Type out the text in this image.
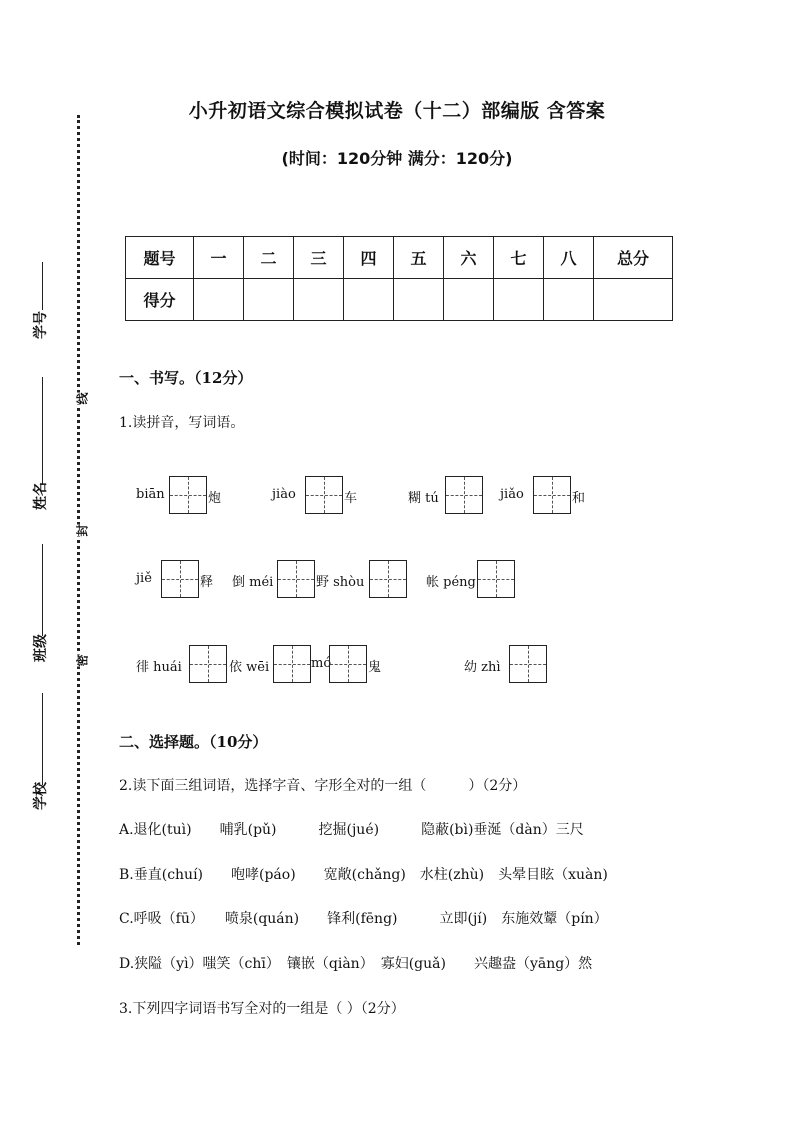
小升初语文综合模拟试卷（十二）部编版 含答案
(时间：120分钟 满分：120分)
题号	一	二	三	四	五	六	七	八	总分
得分									
学号
姓名
班级
学校
线
封
密
一、书写。（12分）
1.读拼音，写词语。
biān	炮	jiào	车	糊 tú	jiǎo	和
jiě	释 倒 méi	野 shòu	帐 péng
徘 huái	依 wēi	mó	鬼	幼 zhì
二、选择题。（10分）
2.读下面三组词语，选择字音、字形全对的一组（　　　）（2分）
A.退化(tuì)　　哺乳(pǔ)　　　挖掘(jué)　　　隐蔽(bì)垂涎（dàn）三尺
B.垂直(chuí)　　咆哮(páo)　　宽敞(chǎng)　水柱(zhù)　头晕目眩（xuàn)
C.呼吸（fū）　　喷泉(quán)　　锋利(fēng)　　　立即(jí)　东施效颦（pín）
D.狭隘（yì）嗤笑（chī）　镶嵌（qiàn）　寡妇(guǎ)　　兴趣盎（yāng）然
3.下列四字词语书写全对的一组是（ ）（2分）
